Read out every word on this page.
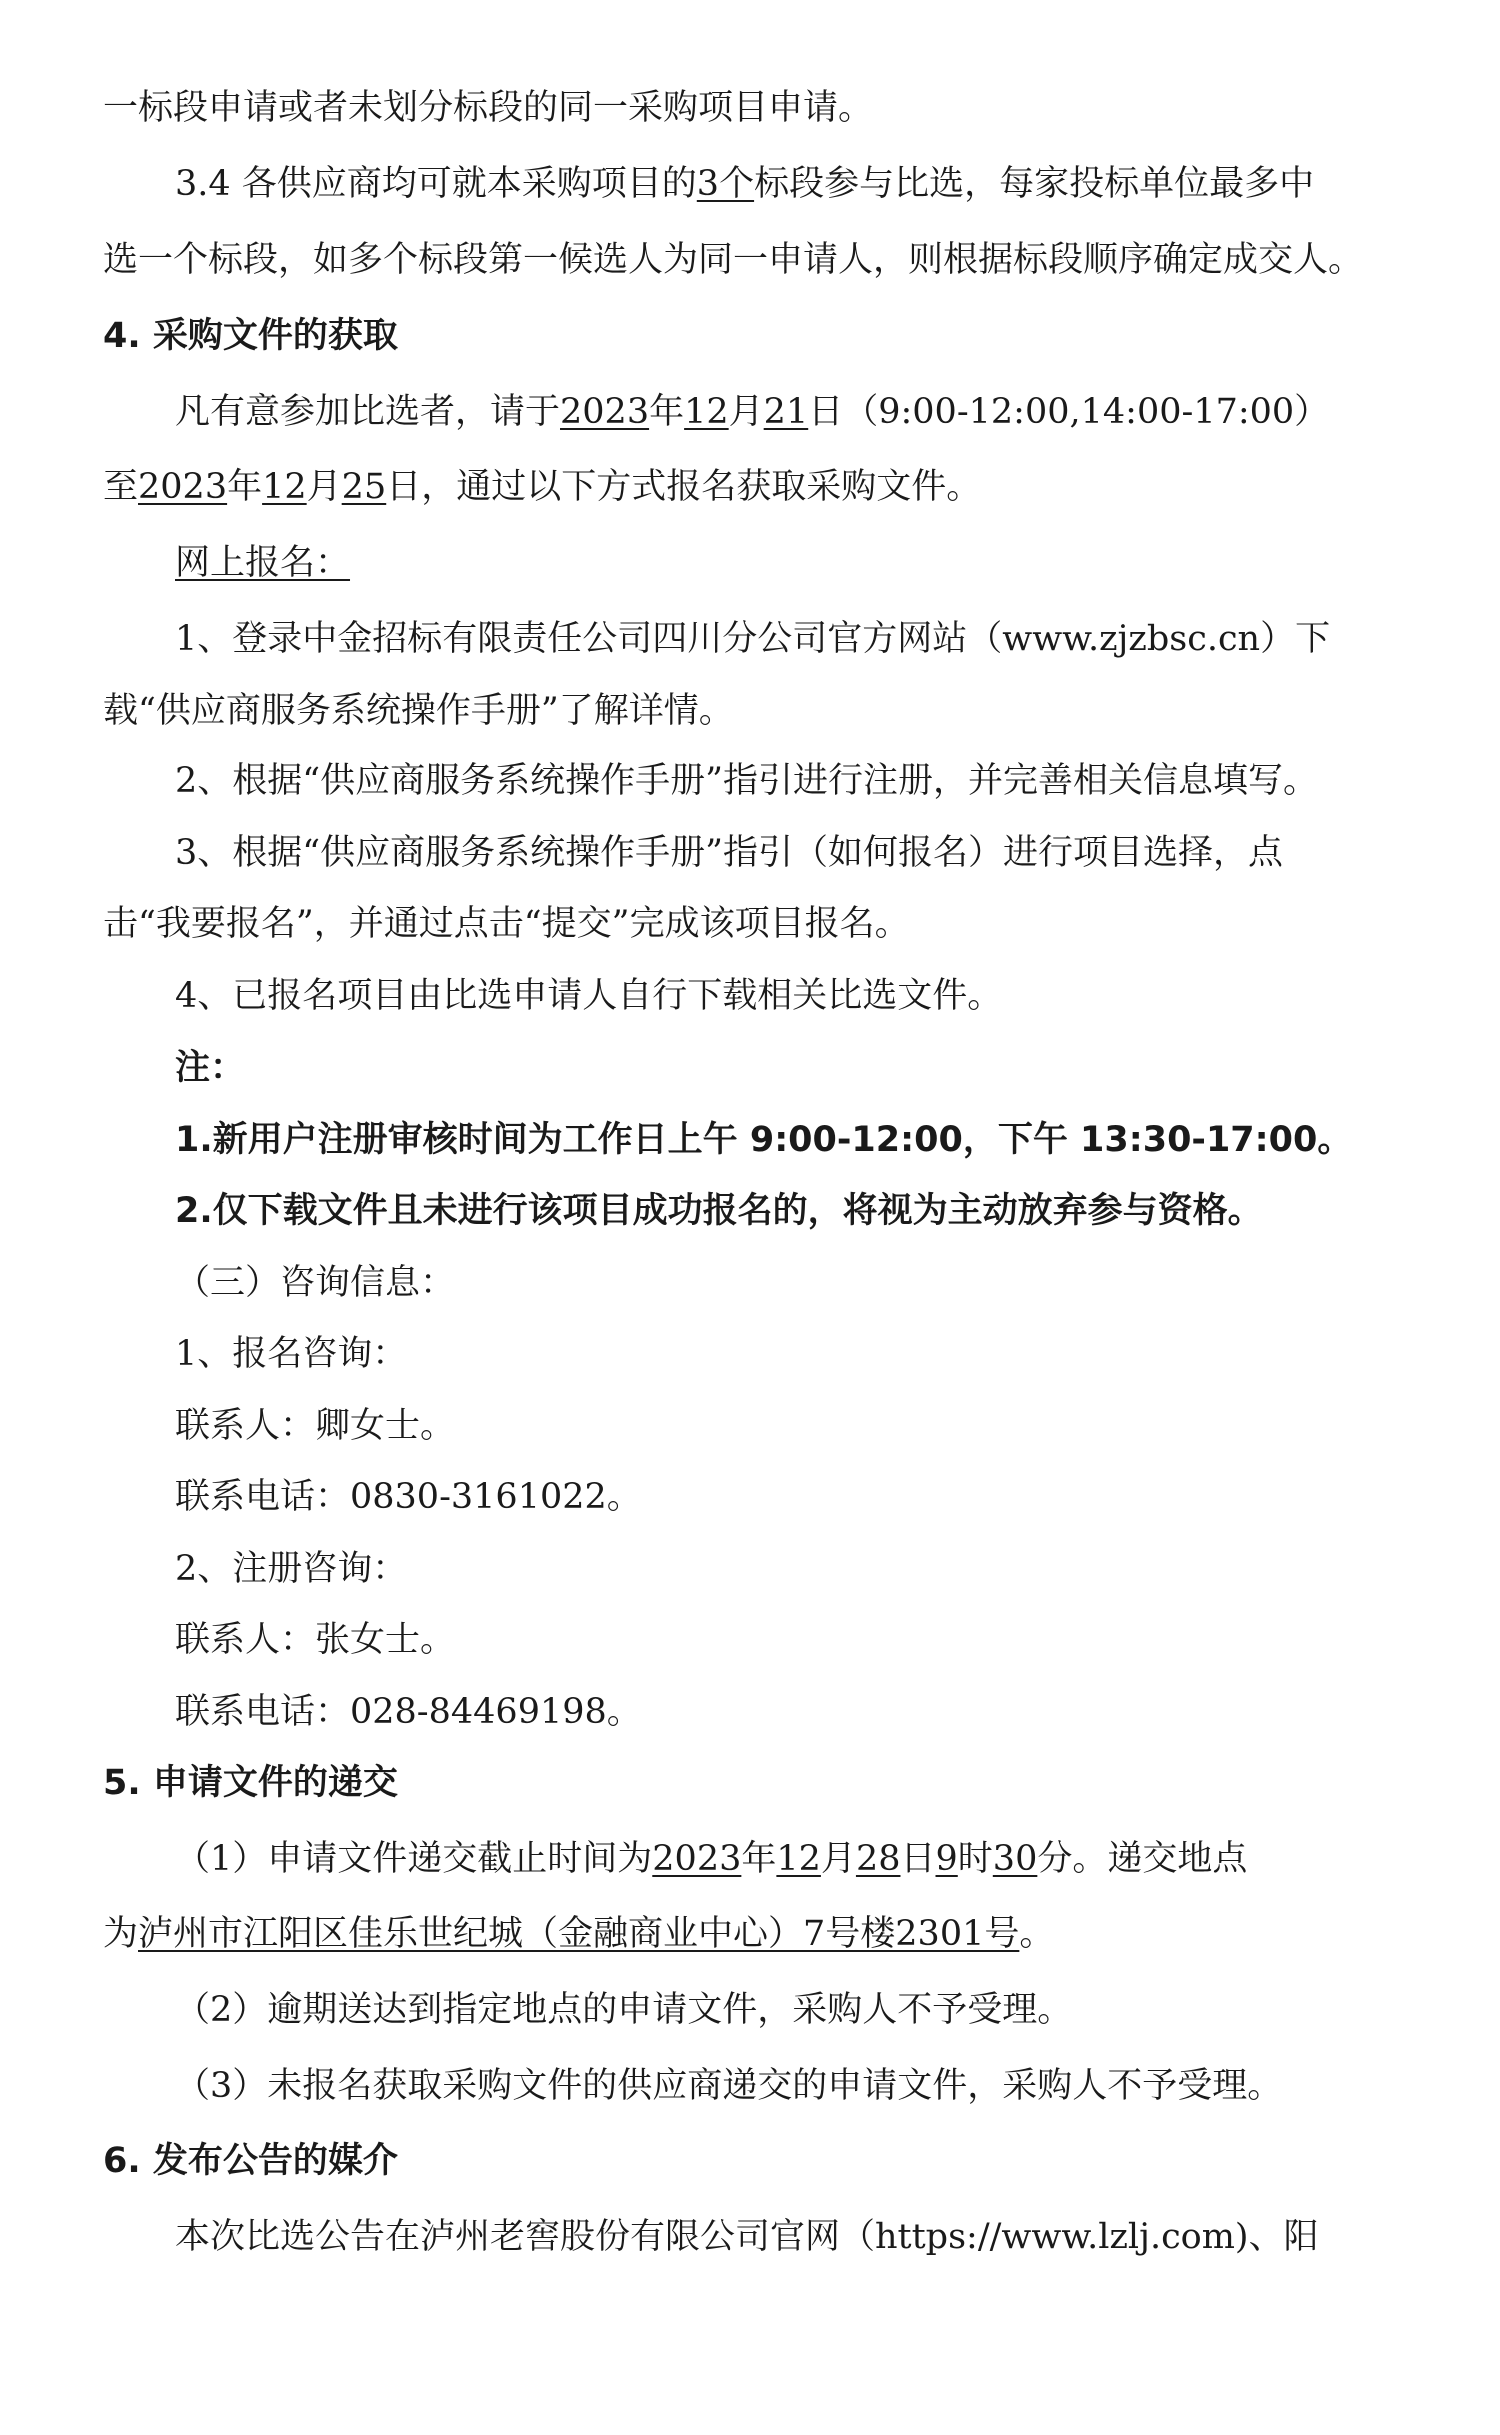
一标段申请或者未划分标段的同一采购项目申请。
3.4 各供应商均可就本采购项目的3个标段参与比选，每家投标单位最多中
选一个标段，如多个标段第一候选人为同一申请人，则根据标段顺序确定成交人。
4. 采购文件的获取
凡有意参加比选者，请于2023年12月21日（9:00-12:00,14:00-17:00）
至2023年12月25日，通过以下方式报名获取采购文件。
网上报名：
1、登录中金招标有限责任公司四川分公司官方网站（www.zjzbsc.cn）下
载“供应商服务系统操作手册”了解详情。
2、根据“供应商服务系统操作手册”指引进行注册，并完善相关信息填写。
3、根据“供应商服务系统操作手册”指引（如何报名）进行项目选择，点
击“我要报名”，并通过点击“提交”完成该项目报名。
4、已报名项目由比选申请人自行下载相关比选文件。
注：
1.新用户注册审核时间为工作日上午 9:00-12:00，下午 13:30-17:00。
2.仅下载文件且未进行该项目成功报名的，将视为主动放弃参与资格。
（三）咨询信息：
1、报名咨询：
联系人：卿女士。
联系电话：0830-3161022。
2、注册咨询：
联系人：张女士。
联系电话：028-84469198。
5. 申请文件的递交
（1）申请文件递交截止时间为2023年12月28日9时30分。递交地点
为泸州市江阳区佳乐世纪城（金融商业中心）7号楼2301号。
（2）逾期送达到指定地点的申请文件，采购人不予受理。
（3）未报名获取采购文件的供应商递交的申请文件，采购人不予受理。
6. 发布公告的媒介
本次比选公告在泸州老窖股份有限公司官网（https://www.lzlj.com)、阳
